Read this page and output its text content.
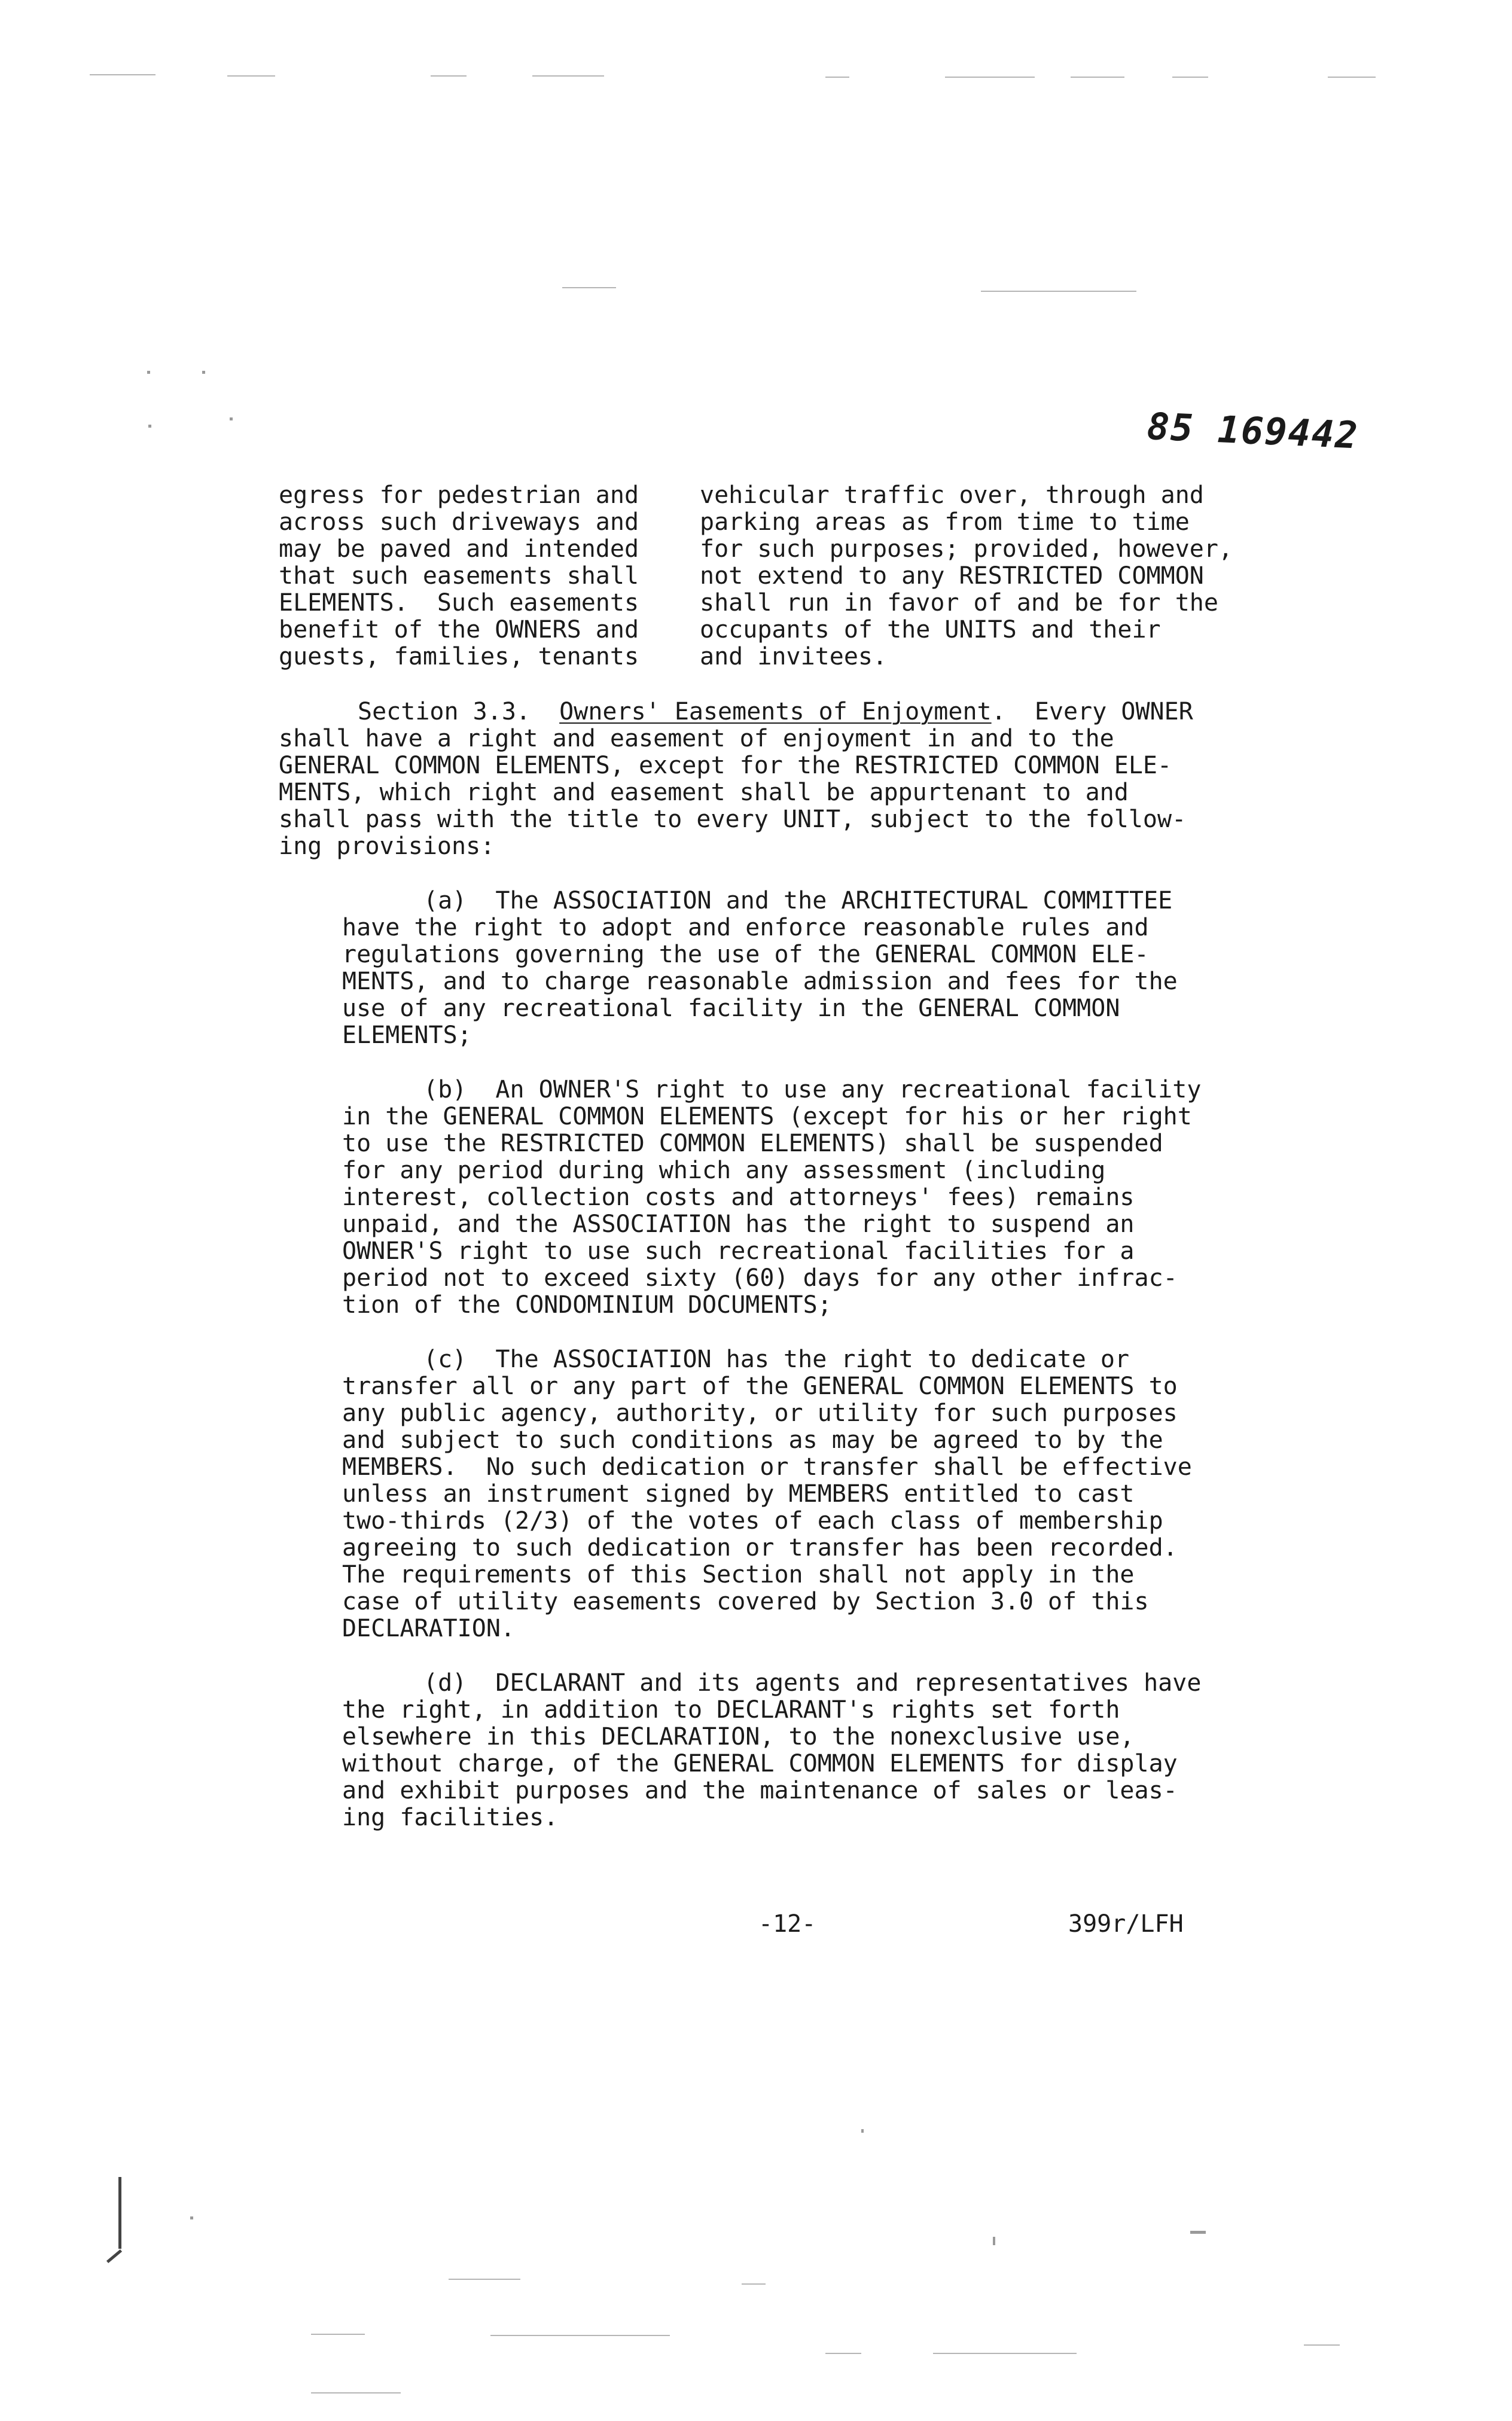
85 169442
egress for pedestrian and
across such driveways and
may be paved and intended
that such easements shall
ELEMENTS.  Such easements
benefit of the OWNERS and
guests, families, tenants
vehicular traffic over, through and
parking areas as from time to time
for such purposes; provided, however,
not extend to any RESTRICTED COMMON
shall run in favor of and be for the
occupants of the UNITS and their
and invitees.
Section 3.3.  Owners' Easements of Enjoyment.  Every OWNER
shall have a right and easement of enjoyment in and to the
GENERAL COMMON ELEMENTS, except for the RESTRICTED COMMON ELE-
MENTS, which right and easement shall be appurtenant to and
shall pass with the title to every UNIT, subject to the follow-
ing provisions:
(a)  The ASSOCIATION and the ARCHITECTURAL COMMITTEE
have the right to adopt and enforce reasonable rules and
regulations governing the use of the GENERAL COMMON ELE-
MENTS, and to charge reasonable admission and fees for the
use of any recreational facility in the GENERAL COMMON
ELEMENTS;
(b)  An OWNER'S right to use any recreational facility
in the GENERAL COMMON ELEMENTS (except for his or her right
to use the RESTRICTED COMMON ELEMENTS) shall be suspended
for any period during which any assessment (including
interest, collection costs and attorneys' fees) remains
unpaid, and the ASSOCIATION has the right to suspend an
OWNER'S right to use such recreational facilities for a
period not to exceed sixty (60) days for any other infrac-
tion of the CONDOMINIUM DOCUMENTS;
(c)  The ASSOCIATION has the right to dedicate or
transfer all or any part of the GENERAL COMMON ELEMENTS to
any public agency, authority, or utility for such purposes
and subject to such conditions as may be agreed to by the
MEMBERS.  No such dedication or transfer shall be effective
unless an instrument signed by MEMBERS entitled to cast
two-thirds (2/3) of the votes of each class of membership
agreeing to such dedication or transfer has been recorded.
The requirements of this Section shall not apply in the
case of utility easements covered by Section 3.0 of this
DECLARATION.
(d)  DECLARANT and its agents and representatives have
the right, in addition to DECLARANT's rights set forth
elsewhere in this DECLARATION, to the nonexclusive use,
without charge, of the GENERAL COMMON ELEMENTS for display
and exhibit purposes and the maintenance of sales or leas-
ing facilities.
-12-	399r/LFH
